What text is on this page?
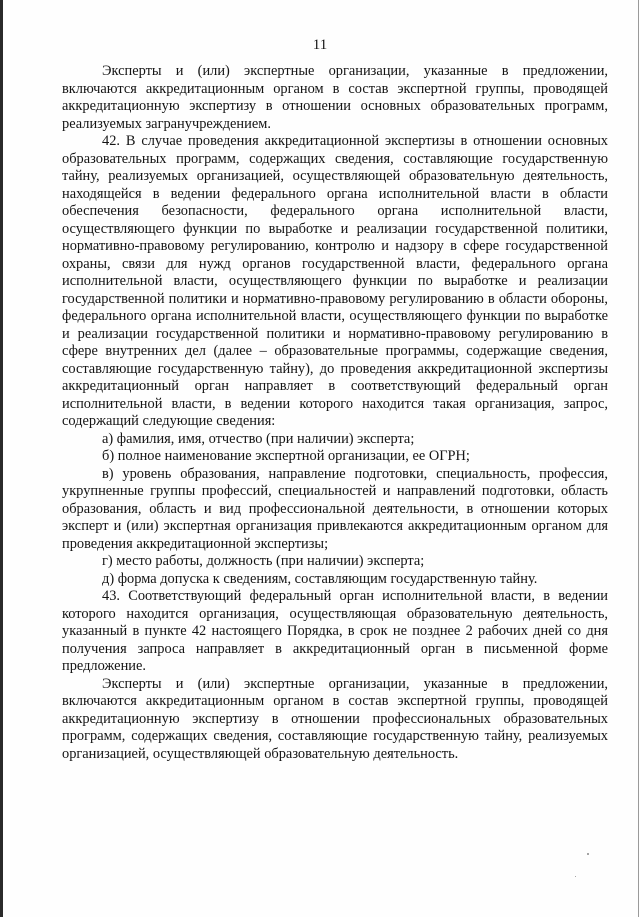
11

Эксперты и (или) экспертные организации, указанные в предложении, включаются аккредитационным органом в состав экспертной группы, проводящей аккредитационную экспертизу в отношении основных образовательных программ, реализуемых загранучреждением.

42. В случае проведения аккредитационной экспертизы в отношении основных образовательных программ, содержащих сведения, составляющие государственную тайну, реализуемых организацией, осуществляющей образовательную деятельность, находящейся в ведении федерального органа исполнительной власти в области обеспечения безопасности, федерального органа исполнительной власти, осуществляющего функции по выработке и реализации государственной политики, нормативно-правовому регулированию, контролю и надзору в сфере государственной охраны, связи для нужд органов государственной власти, федерального органа исполнительной власти, осуществляющего функции по выработке и реализации государственной политики и нормативно-правовому регулированию в области обороны, федерального органа исполнительной власти, осуществляющего функции по выработке и реализации государственной политики и нормативно-правовому регулированию в сфере внутренних дел (далее – образовательные программы, содержащие сведения, составляющие государственную тайну), до проведения аккредитационной экспертизы аккредитационный орган направляет в соответствующий федеральный орган исполнительной власти, в ведении которого находится такая организация, запрос, содержащий следующие сведения:

а) фамилия, имя, отчество (при наличии) эксперта;

б) полное наименование экспертной организации, ее ОГРН;

в) уровень образования, направление подготовки, специальность, профессия, укрупненные группы профессий, специальностей и направлений подготовки, область образования, область и вид профессиональной деятельности, в отношении которых эксперт и (или) экспертная организация привлекаются аккредитационным органом для проведения аккредитационной экспертизы;

г) место работы, должность (при наличии) эксперта;

д) форма допуска к сведениям, составляющим государственную тайну.

43. Соответствующий федеральный орган исполнительной власти, в ведении которого находится организация, осуществляющая образовательную деятельность, указанный в пункте 42 настоящего Порядка, в срок не позднее 2 рабочих дней со дня получения запроса направляет в аккредитационный орган в письменной форме предложение.

Эксперты и (или) экспертные организации, указанные в предложении, включаются аккредитационным органом в состав экспертной группы, проводящей аккредитационную экспертизу в отношении профессиональных образовательных программ, содержащих сведения, составляющие государственную тайну, реализуемых организацией, осуществляющей образовательную деятельность.
